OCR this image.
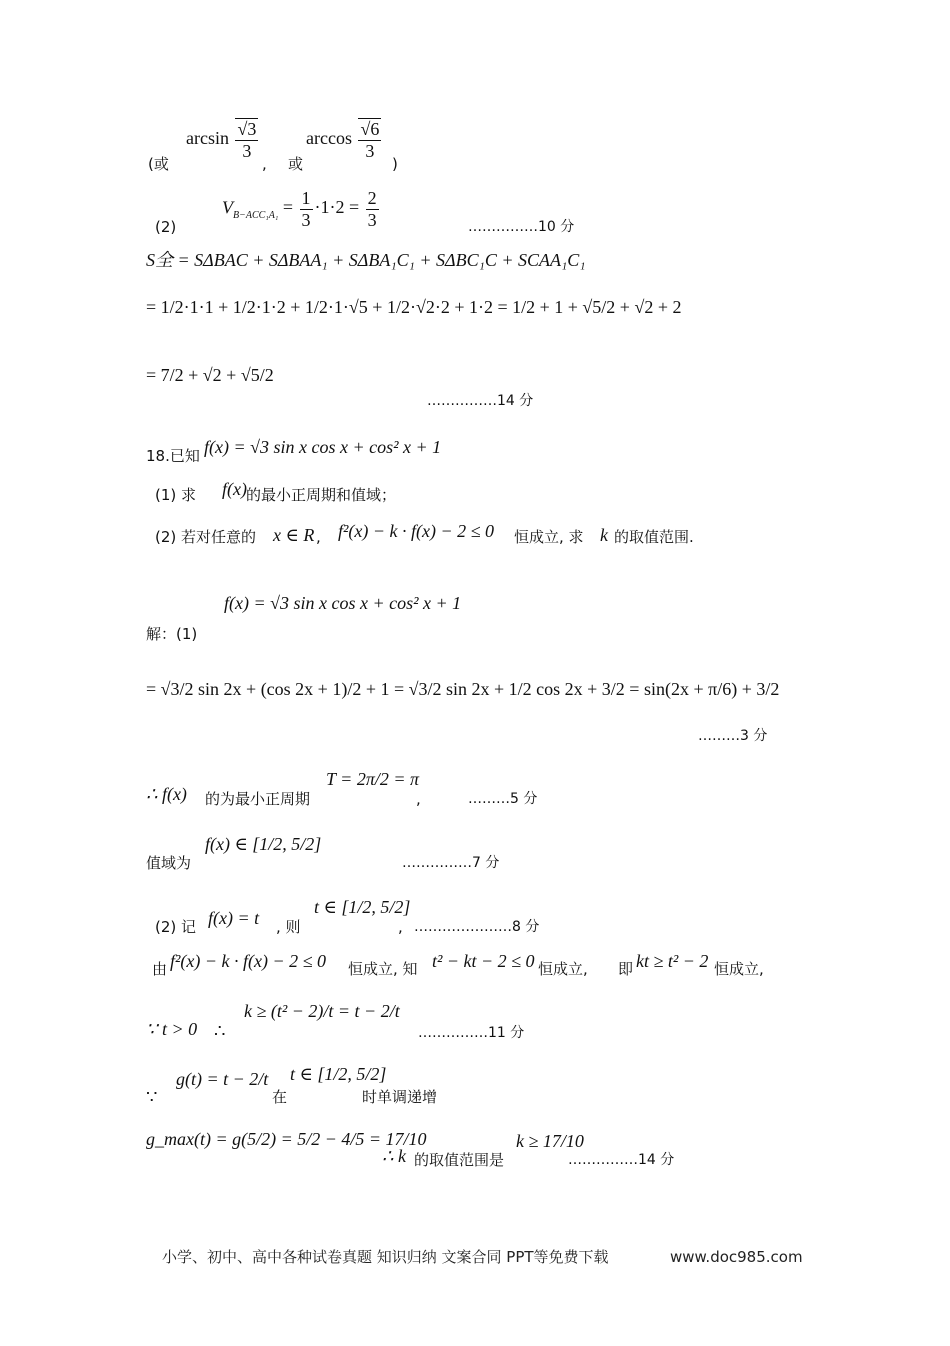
(或
$\arcsin \frac{√3}{3}$
, 或
$\arccos \frac{√6}{3}$
)
(2)
$V_{B-ACC_1A_1} = \frac{1}{3} \cdot 1\cdot 2 = \frac{2}{3}$	……………10 分
S全 = SΔBAC + SΔBAA₁ + SΔBA₁C₁ + SΔBC₁C + SCAA₁C₁
= 1/2·1·1 + 1/2·1·2 + 1/2·1·√5 + 1/2·√2·2 + 1·2 = 1/2 + 1 + √5/2 + √2 + 2
= 7/2 + √2 + √5/2
……………14 分
18.已知 f(x) = √3 sin x cos x + cos² x + 1
(1) 求 f(x) 的最小正周期和值域；
(2) 若对任意的 x ∈ R , f²(x) − k · f(x) − 2 ≤ 0 恒成立, 求 k 的取值范围.
f(x) = √3 sin x cos x + cos² x + 1
解：(1)
= √3/2 sin 2x + (cos 2x + 1)/2 + 1 = √3/2 sin 2x + 1/2 cos 2x + 3/2 = sin(2x + π/6) + 3/2
………3 分
∴ f(x) 的为最小正周期
T = 2π/2 = π
,	………5 分
f(x) ∈ [1/2, 5/2]
值域为	……………7 分
(2) 记 f(x) = t , 则
t ∈ [1/2, 5/2]
, …………………8 分
由 f²(x) − k · f(x) − 2 ≤ 0 恒成立, 知 t² − kt − 2 ≤ 0 恒成立, 即 kt ≥ t² − 2 恒成立,
∵ t > 0 ∴
k ≥ (t² − 2)/t = t − 2/t
……………11 分
∵
g(t) = t − 2/t
在
t ∈ [1/2, 5/2]
时单调递增
g_max(t) = g(5/2) = 5/2 − 4/5 = 17/10
∴ k 的取值范围是
k ≥ 17/10
……………14 分
小学、初中、高中各种试卷真题 知识归纳 文案合同 PPT等免费下载	www.doc985.com
